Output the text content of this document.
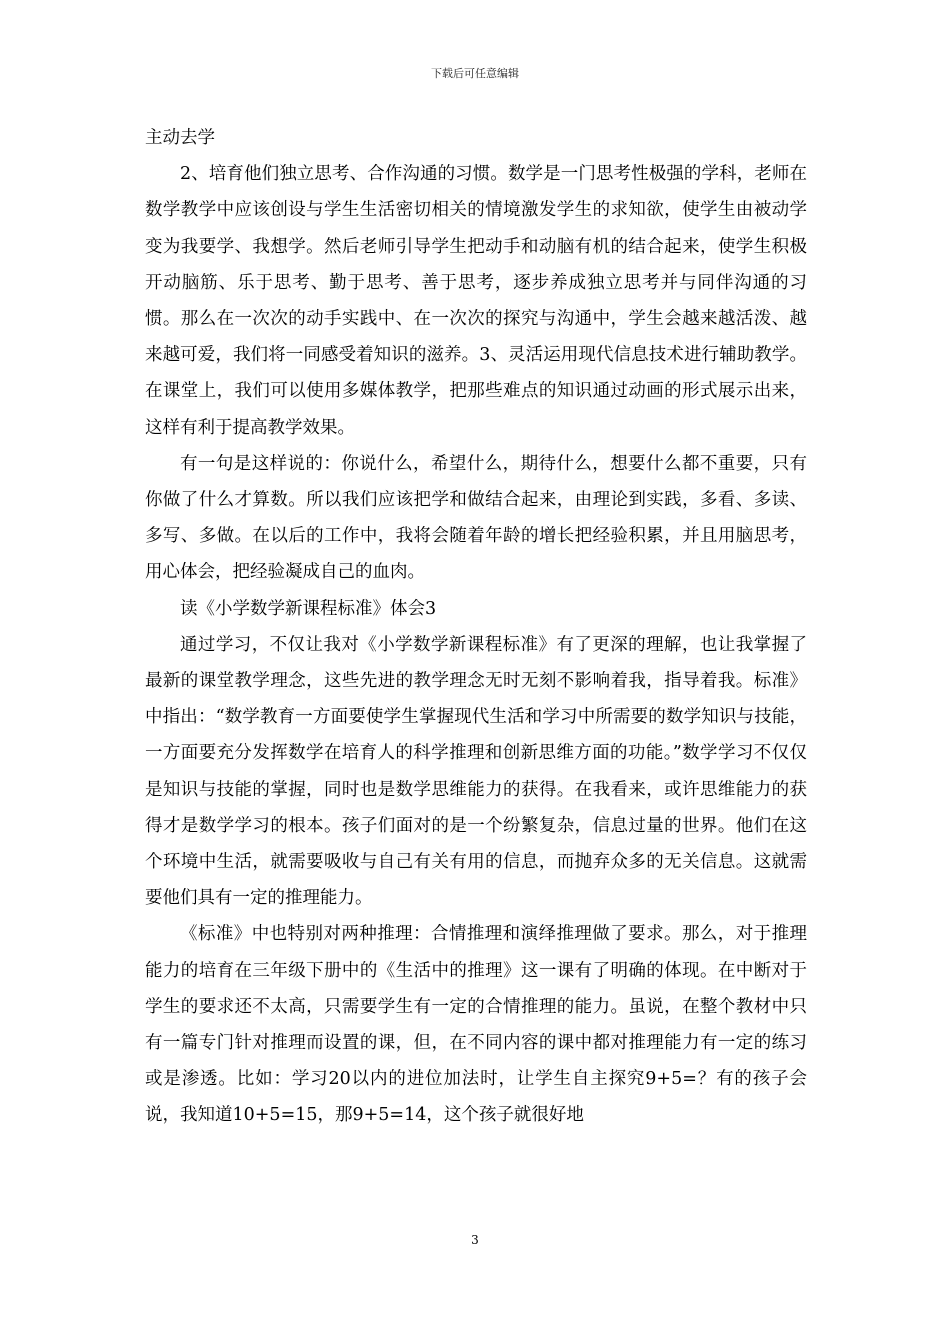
下载后可任意编辑

主动去学

2、培育他们独立思考、合作沟通的习惯。数学是一门思考性极强的学科，老师在数学教学中应该创设与学生生活密切相关的情境激发学生的求知欲，使学生由被动学变为我要学、我想学。然后老师引导学生把动手和动脑有机的结合起来，使学生积极开动脑筋、乐于思考、勤于思考、善于思考，逐步养成独立思考并与同伴沟通的习惯。那么在一次次的动手实践中、在一次次的探究与沟通中，学生会越来越活泼、越来越可爱，我们将一同感受着知识的滋养。3、灵活运用现代信息技术进行辅助教学。在课堂上，我们可以使用多媒体教学，把那些难点的知识通过动画的形式展示出来，这样有利于提高教学效果。

有一句是这样说的：你说什么，希望什么，期待什么，想要什么都不重要，只有你做了什么才算数。所以我们应该把学和做结合起来，由理论到实践，多看、多读、多写、多做。在以后的工作中，我将会随着年龄的增长把经验积累，并且用脑思考，用心体会，把经验凝成自己的血肉。

读《小学数学新课程标准》体会3

通过学习，不仅让我对《小学数学新课程标准》有了更深的理解，也让我掌握了最新的课堂教学理念，这些先进的教学理念无时无刻不影响着我，指导着我。标准》中指出：“数学教育一方面要使学生掌握现代生活和学习中所需要的数学知识与技能，一方面要充分发挥数学在培育人的科学推理和创新思维方面的功能。”数学学习不仅仅是知识与技能的掌握，同时也是数学思维能力的获得。在我看来，或许思维能力的获得才是数学学习的根本。孩子们面对的是一个纷繁复杂，信息过量的世界。他们在这个环境中生活，就需要吸收与自己有关有用的信息，而抛弃众多的无关信息。这就需要他们具有一定的推理能力。

《标准》中也特别对两种推理：合情推理和演绎推理做了要求。那么，对于推理能力的培育在三年级下册中的《生活中的推理》这一课有了明确的体现。在中断对于学生的要求还不太高，只需要学生有一定的合情推理的能力。虽说，在整个教材中只有一篇专门针对推理而设置的课，但，在不同内容的课中都对推理能力有一定的练习或是渗透。比如：学习20以内的进位加法时，让学生自主探究9+5=？有的孩子会说，我知道10+5=15，那9+5=14，这个孩子就很好地

3
